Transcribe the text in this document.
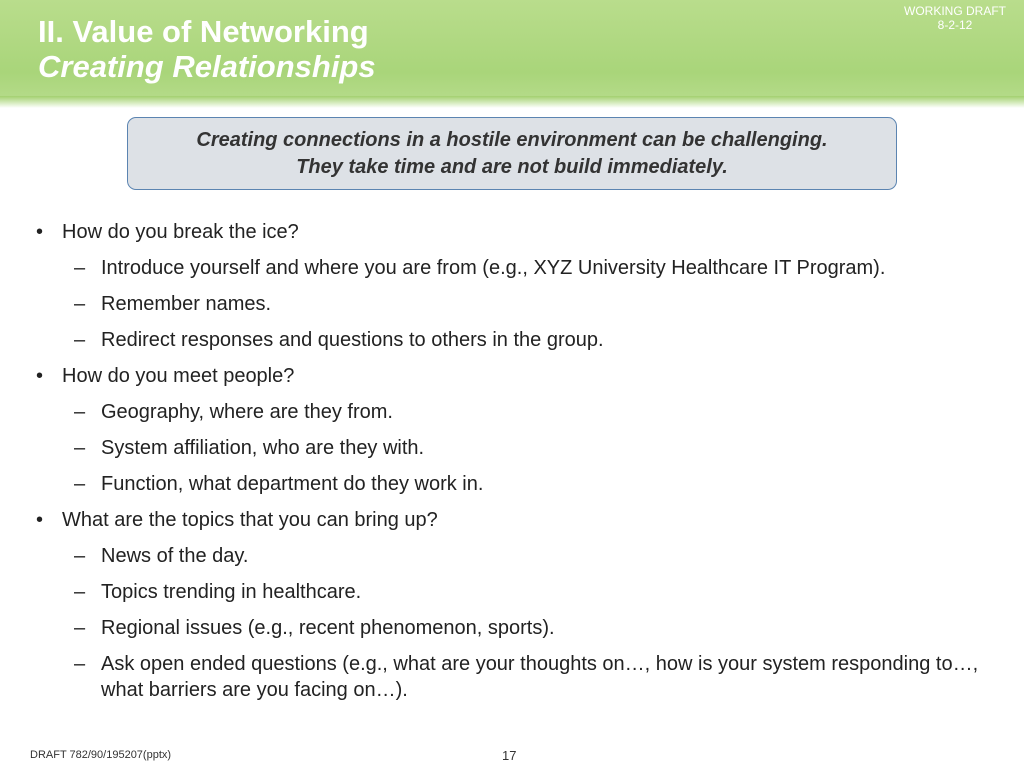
II. Value of Networking
Creating Relationships
WORKING DRAFT
8-2-12

Creating connections in a hostile environment can be challenging.

They take time and are not build immediately.

• How do you break the ice?
– Introduce yourself and where you are from (e.g., XYZ University Healthcare IT Program).
– Remember names.
– Redirect responses and questions to others in the group.
• How do you meet people?
– Geography, where are they from.
– System affiliation, who are they with.
– Function, what department do they work in.
• What are the topics that you can bring up?
– News of the day.
– Topics trending in healthcare.
– Regional issues (e.g., recent phenomenon, sports).
– Ask open ended questions (e.g., what are your thoughts on…, how is your system responding to…, what barriers are you facing on…).
DRAFT 782/90/195207(pptx)	17
